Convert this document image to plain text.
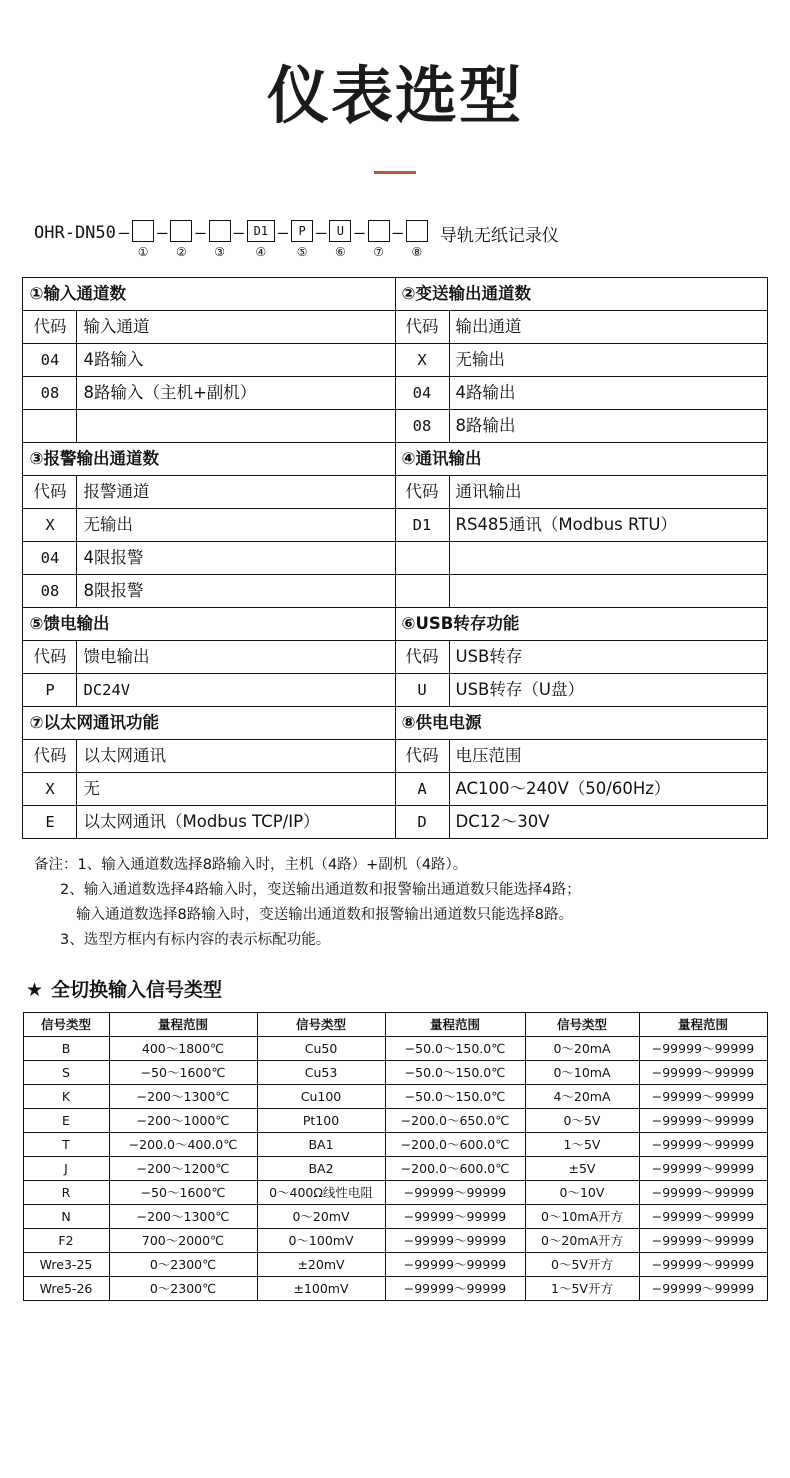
仪表选型
OHR-DN50 —
①
—
②
—
③
— D1
④
— P
⑤
— U
⑥
—
⑦
—
⑧
导轨无纸记录仪
①输入通道数		②变送输出通道数	
代码	输入通道	代码	输出通道
04	4路输入	X	无输出
08	8路输入（主机+副机）	04	4路输出
		08	8路输出
③报警输出通道数		④通讯输出	
代码	报警通道	代码	通讯输出
X	无输出	D1	RS485通讯（Modbus RTU）
04	4限报警		
08	8限报警		
⑤馈电输出		⑥USB转存功能	
代码	馈电输出	代码	USB转存
P	DC24V	U	USB转存（U盘）
⑦以太网通讯功能		⑧供电电源	
代码	以太网通讯	代码	电压范围
X	无	A	AC100～240V（50/60Hz）
E	以太网通讯（Modbus TCP/IP）	D	DC12～30V
备注：1、输入通道数选择8路输入时，主机（4路）+副机（4路）。
2、输入通道数选择4路输入时，变送输出通道数和报警输出通道数只能选择4路；
输入通道数选择8路输入时，变送输出通道数和报警输出通道数只能选择8路。
3、选型方框内有标内容的表示标配功能。
★ 全切换输入信号类型
信号类型	量程范围	信号类型	量程范围	信号类型	量程范围
B	400～1800℃	Cu50	−50.0～150.0℃	0～20mA	−99999～99999
S	−50～1600℃	Cu53	−50.0～150.0℃	0～10mA	−99999～99999
K	−200～1300℃	Cu100	−50.0～150.0℃	4～20mA	−99999～99999
E	−200～1000℃	Pt100	−200.0～650.0℃	0～5V	−99999～99999
T	−200.0～400.0℃	BA1	−200.0～600.0℃	1～5V	−99999～99999
J	−200～1200℃	BA2	−200.0～600.0℃	±5V	−99999～99999
R	−50～1600℃	0～400Ω线性电阻	−99999～99999	0～10V	−99999～99999
N	−200～1300℃	0～20mV	−99999～99999	0～10mA开方	−99999～99999
F2	700～2000℃	0～100mV	−99999～99999	0～20mA开方	−99999～99999
Wre3-25	0～2300℃	±20mV	−99999～99999	0～5V开方	−99999～99999
Wre5-26	0～2300℃	±100mV	−99999～99999	1～5V开方	−99999～99999
